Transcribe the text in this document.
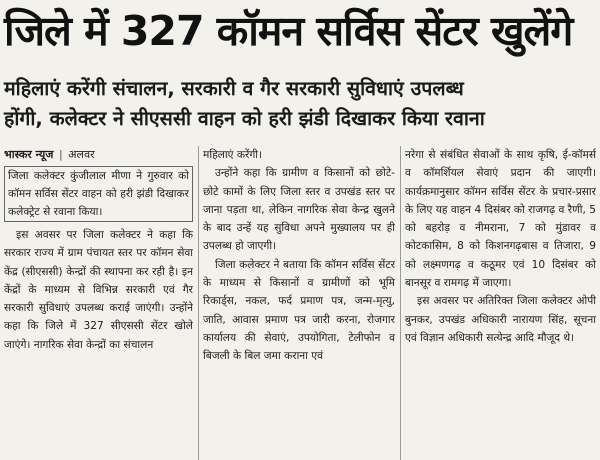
जिले में 327 कॉमन सर्विस सेंटर खुलेंगे
महिलाएं करेंगी संचालन, सरकारी व गैर सरकारी सुविधाएं उपलब्ध
होंगी, कलेक्टर ने सीएससी वाहन को हरी झंडी दिखाकर किया रवाना
भास्कर न्यूज | अलवर
जिला कलेक्टर कुंजीलाल मीणा ने गुरुवार को कॉमन सर्विस सेंटर वाहन को हरी झंडी दिखाकर कलेक्ट्रेट से रवाना किया।

इस अवसर पर जिला कलेक्टर ने कहा कि सरकार राज्य में ग्राम पंचायत स्तर पर कॉमन सेवा केंद्र (सीएससी) केन्द्रों की स्थापना कर रही है। इन केंद्रों के माध्यम से विभिन्न सरकारी एवं गैर सरकारी सुविधाएं उपलब्ध कराई जाएंगी। उन्होंने कहा कि जिले में 327 सीएससी सेंटर खोले जाएंगे। नागरिक सेवा केन्द्रों का संचालन

महिलाएं करेंगी।

उन्होंने कहा कि ग्रामीण व किसानों को छोटे-छोटे कामों के लिए जिला स्तर व उपखंड स्तर पर जाना पड़ता था, लेकिन नागरिक सेवा केन्द्र खुलने के बाद उन्हें यह सुविधा अपने मुख्यालय पर ही उपलब्ध हो जाएगी।

जिला कलेक्टर ने बताया कि कॉमन सर्विस सेंटर के माध्यम से किसानों व ग्रामीणों को भूमि रिकार्ड्स, नकल, फर्द प्रमाण पत्र, जन्म-मृत्यु, जाति, आवास प्रमाण पत्र जारी करना, रोजगार कार्यालय की सेवाएं, उपयोगिता, टेलीफोन व बिजली के बिल जमा कराना एवं

नरेगा से संबंधित सेवाओं के साथ कृषि, ई-कॉमर्स व कॉमर्शियल सेवाएं प्रदान की जाएगी। कार्यक्रमानुसार कॉमन सर्विस सेंटर के प्रचार-प्रसार के लिए यह वाहन 4 दिसंबर को राजगढ़ व रैणी, 5 को बहरोड़ व नीमराना, 7 को मुंडावर व कोटकासिम, 8 को किशनगढ़बास व तिजारा, 9 को लक्ष्मणगढ़ व कठूमर एवं 10 दिसंबर को बानसूर व रामगढ़ में जाएगा।

इस अवसर पर अतिरिक्त जिला कलेक्टर ओपी बुनकर, उपखंड अधिकारी नारायण सिंह, सूचना एवं विज्ञान अधिकारी सत्येन्द्र आदि मौजूद थे।
